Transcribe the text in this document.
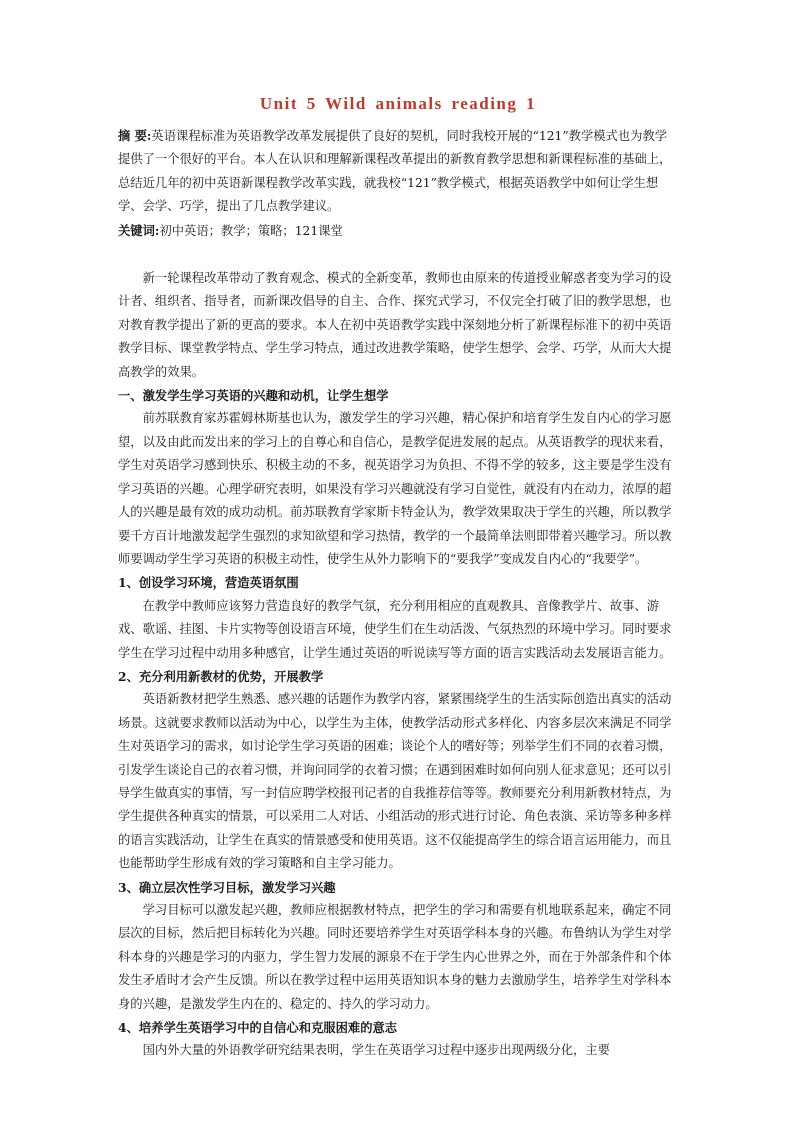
Unit 5 Wild animals reading 1

摘 要:英语课程标准为英语教学改革发展提供了良好的契机，同时我校开展的“121”教学模式也为教学提供了一个很好的平台。本人在认识和理解新课程改革提出的新教育教学思想和新课程标准的基础上，总结近几年的初中英语新课程教学改革实践，就我校“121”教学模式，根据英语教学中如何让学生想学、会学、巧学，提出了几点教学建议。

关键词:初中英语；教学；策略；121课堂

新一轮课程改革带动了教育观念、模式的全新变革，教师也由原来的传道授业解惑者变为学习的设计者、组织者、指导者，而新课改倡导的自主、合作、探究式学习，不仅完全打破了旧的教学思想，也对教育教学提出了新的更高的要求。本人在初中英语教学实践中深刻地分析了新课程标准下的初中英语教学目标、课堂教学特点、学生学习特点，通过改进教学策略，使学生想学、会学、巧学，从而大大提高教学的效果。

一、激发学生学习英语的兴趣和动机，让学生想学

前苏联教育家苏霍姆林斯基也认为，激发学生的学习兴趣，精心保护和培育学生发自内心的学习愿望，以及由此而发出来的学习上的自尊心和自信心，是教学促进发展的起点。从英语教学的现状来看，学生对英语学习感到快乐、积极主动的不多，视英语学习为负担、不得不学的较多，这主要是学生没有学习英语的兴趣。心理学研究表明，如果没有学习兴趣就没有学习自觉性，就没有内在动力，浓厚的超人的兴趣是最有效的成功动机。前苏联教育学家斯卡特金认为，教学效果取决于学生的兴趣，所以教学要千方百计地激发起学生强烈的求知欲望和学习热情，教学的一个最简单法则即带着兴趣学习。所以教师要调动学生学习英语的积极主动性，使学生从外力影响下的“要我学”变成发自内心的“我要学”。

1、创设学习环境，营造英语氛围

在教学中教师应该努力营造良好的教学气氛，充分利用相应的直观教具、音像教学片、故事、游戏、歌谣、挂图、卡片实物等创设语言环境，使学生们在生动活泼、气氛热烈的环境中学习。同时要求学生在学习过程中动用多种感官，让学生通过英语的听说读写等方面的语言实践活动去发展语言能力。

2、充分利用新教材的优势，开展教学

英语新教材把学生熟悉、感兴趣的话题作为教学内容，紧紧围绕学生的生活实际创造出真实的活动场景。这就要求教师以活动为中心，以学生为主体，使教学活动形式多样化、内容多层次来满足不同学生对英语学习的需求，如讨论学生学习英语的困难；谈论个人的嗜好等；列举学生们不同的衣着习惯，引发学生谈论自己的衣着习惯，并询问同学的衣着习惯；在遇到困难时如何向别人征求意见；还可以引导学生做真实的事情，写一封信应聘学校报刊记者的自我推荐信等等。教师要充分利用新教材特点，为学生提供各种真实的情景，可以采用二人对话、小组活动的形式进行讨论、角色表演、采访等多种多样的语言实践活动，让学生在真实的情景感受和使用英语。这不仅能提高学生的综合语言运用能力，而且也能帮助学生形成有效的学习策略和自主学习能力。

3、确立层次性学习目标，激发学习兴趣

学习目标可以激发起兴趣，教师应根据教材特点，把学生的学习和需要有机地联系起来，确定不同层次的目标，然后把目标转化为兴趣。同时还要培养学生对英语学科本身的兴趣。布鲁纳认为学生对学科本身的兴趣是学习的内驱力，学生智力发展的源泉不在于学生内心世界之外，而在于外部条件和个体发生矛盾时才会产生反馈。所以在教学过程中运用英语知识本身的魅力去激励学生，培养学生对学科本身的兴趣，是激发学生内在的、稳定的、持久的学习动力。

4、培养学生英语学习中的自信心和克服困难的意志

国内外大量的外语教学研究结果表明，学生在英语学习过程中逐步出现两级分化，主要
